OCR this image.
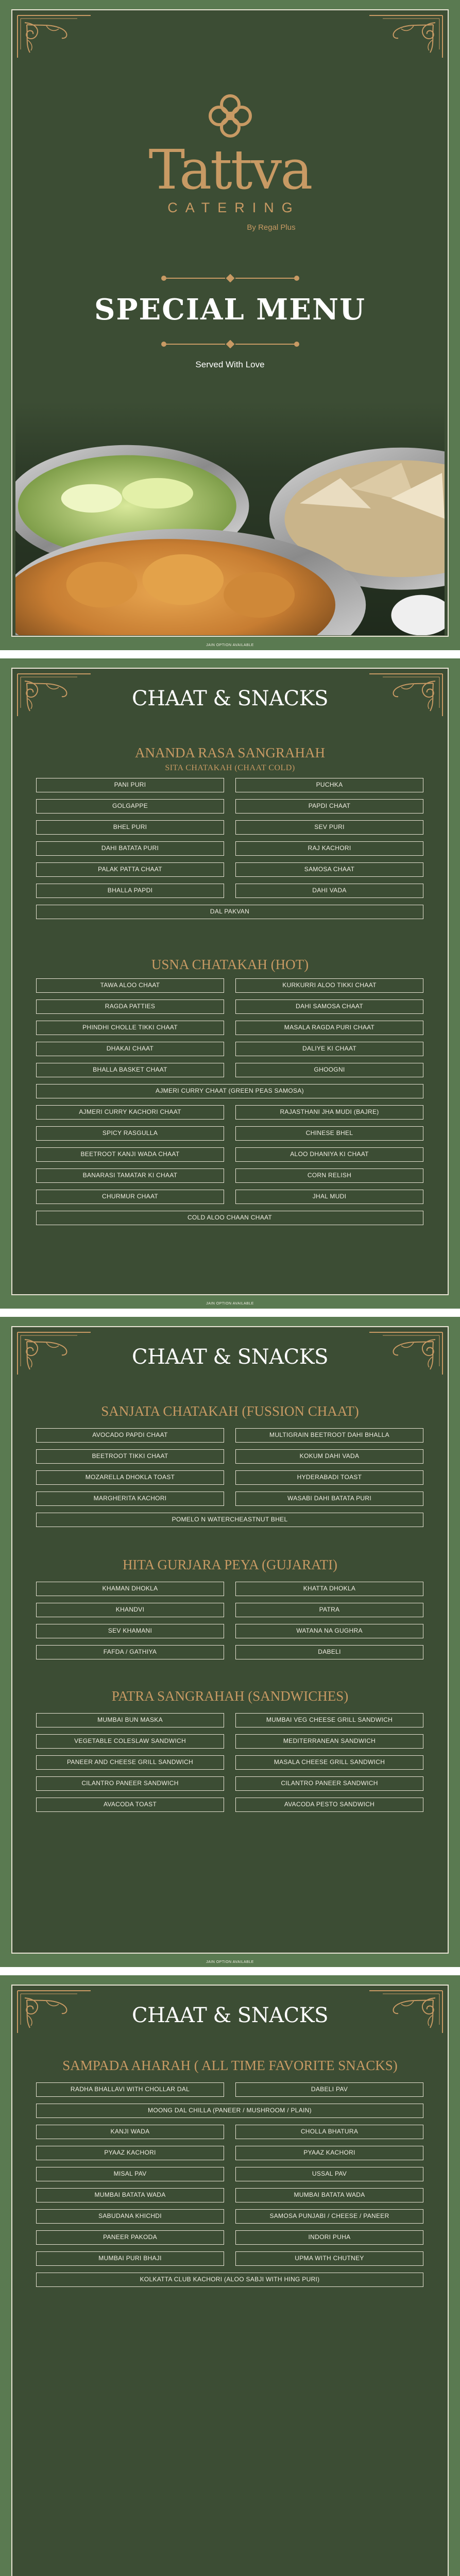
Tattva
CATERING
By Regal Plus
SPECIAL MENU
Served With Love
JAIN OPTION AVAILABLE
CHAAT & SNACKS
ANANDA RASA SANGRAHAH
SITA CHATAKAH (CHAAT COLD)
PANI PURI	PUCHKA
GOLGAPPE	PAPDI CHAAT
BHEL PURI	SEV PURI
DAHI BATATA PURI	RAJ KACHORI
PALAK PATTA CHAAT	SAMOSA CHAAT
BHALLA PAPDI	DAHI VADA
DAL PAKVAN
USNA CHATAKAH (HOT)
TAWA ALOO CHAAT	KURKURRI ALOO TIKKI CHAAT
RAGDA PATTIES	DAHI SAMOSA CHAAT
PHINDHI CHOLLE TIKKI CHAAT	MASALA RAGDA PURI CHAAT
DHAKAI CHAAT	DALIYE KI CHAAT
BHALLA BASKET CHAAT	GHOOGNI
AJMERI CURRY CHAAT (GREEN PEAS SAMOSA)
AJMERI CURRY KACHORI CHAAT	RAJASTHANI JHA MUDI (BAJRE)
SPICY RASGULLA	CHINESE BHEL
BEETROOT KANJI WADA CHAAT	ALOO DHANIYA KI CHAAT
BANARASI TAMATAR KI CHAAT	CORN RELISH
CHURMUR CHAAT	JHAL MUDI
COLD ALOO CHAAN CHAAT
JAIN OPTION AVAILABLE
CHAAT & SNACKS
SANJATA CHATAKAH (FUSSION CHAAT)
AVOCADO PAPDI CHAAT	MULTIGRAIN BEETROOT DAHI BHALLA
BEETROOT TIKKI CHAAT	KOKUM DAHI VADA
MOZARELLA DHOKLA TOAST	HYDERABADI TOAST
MARGHERITA KACHORI	WASABI DAHI BATATA PURI
POMELO N WATERCHEASTNUT BHEL
HITA GURJARA PEYA (GUJARATI)
KHAMAN DHOKLA	KHATTA DHOKLA
KHANDVI	PATRA
SEV KHAMANI	WATANA NA GUGHRA
FAFDA / GATHIYA	DABELI
PATRA SANGRAHAH (SANDWICHES)
MUMBAI BUN MASKA	MUMBAI VEG CHEESE GRILL SANDWICH
VEGETABLE COLESLAW SANDWICH	MEDITERRANEAN SANDWICH
PANEER AND CHEESE GRILL SANDWICH	MASALA CHEESE GRILL SANDWICH
CILANTRO PANEER SANDWICH	CILANTRO PANEER SANDWICH
AVACODA TOAST	AVACODA PESTO SANDWICH
JAIN OPTION AVAILABLE
CHAAT & SNACKS
SAMPADA AHARAH ( ALL TIME FAVORITE SNACKS)
RADHA BHALLAVI WITH CHOLLAR DAL	DABELI PAV
MOONG DAL CHILLA (PANEER / MUSHROOM / PLAIN)
KANJI WADA	CHOLLA BHATURA
PYAAZ KACHORI	PYAAZ KACHORI
MISAL PAV	USSAL PAV
MUMBAI BATATA WADA	MUMBAI BATATA WADA
SABUDANA KHICHDI	SAMOSA PUNJABI / CHEESE / PANEER
PANEER PAKODA	INDORI PUHA
MUMBAI PURI BHAJI	UPMA WITH CHUTNEY
KOLKATTA CLUB KACHORI (ALOO SABJI WITH HING PURI)
